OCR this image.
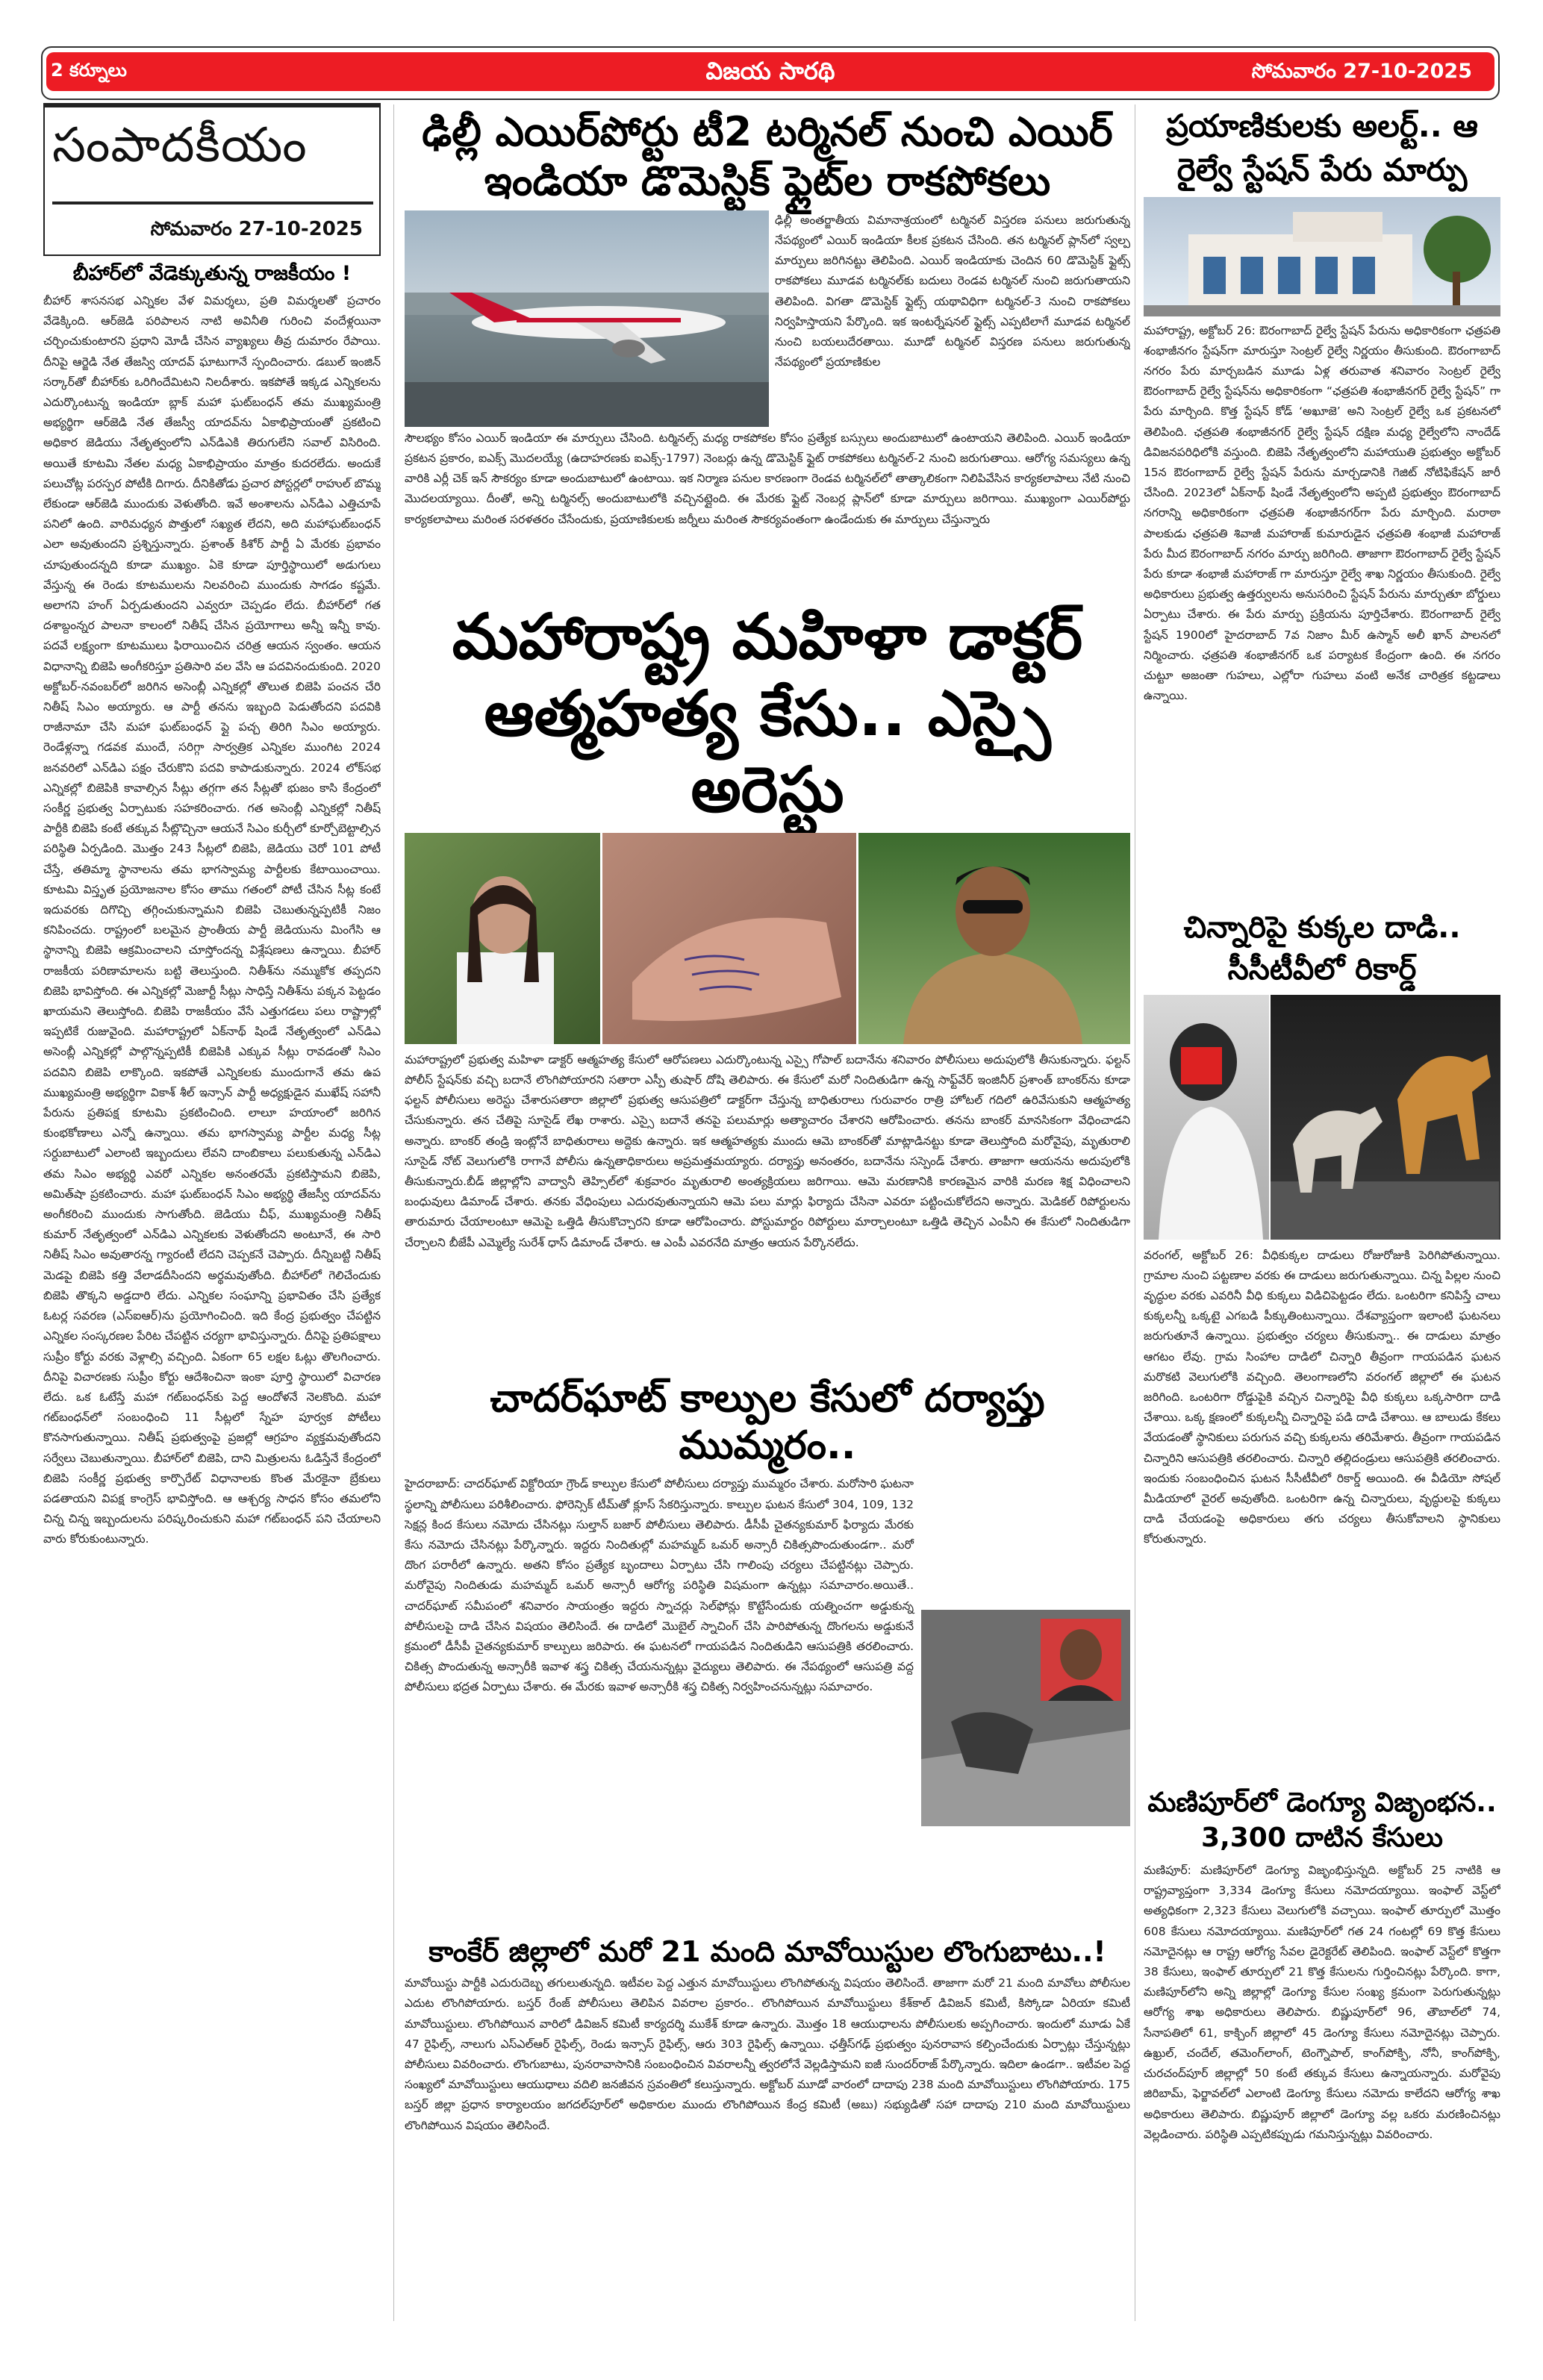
2 కర్నూలు	విజయ సారథి	సోమవారం 27-10-2025
సంపాదకీయం
సోమవారం 27-10-2025
బీహార్‌లో వేడెక్కుతున్న రాజకీయం !

బీహార్ శాసనసభ ఎన్నికల వేళ విమర్శలు, ప్రతి విమర్శలతో ప్రచారం వేడెక్కింది. ఆర్‌జెడి పరిపాలన నాటి అవినీతి గురించి వందేళ్లయినా చర్చించుకుంటారని ప్రధాని మోడీ చేసిన వ్యాఖ్యలు తీవ్ర దుమారం రేపాయి. దీనిపై ఆర్జెడి నేత తేజస్వి యాదవ్ ఘాటుగానే స్పందించారు. డబుల్ ఇంజిన్ సర్కార్‌తో బీహార్‌కు ఒరిగిందేమిటని నిలదీశారు. ఇకపోతే ఇక్కడ ఎన్నికలను ఎదుర్కొంటున్న ఇండియా బ్లాక్ మహా ఘట్‌బంధన్ తమ ముఖ్యమంత్రి అభ్యర్థిగా ఆర్‌జెడి నేత తేజస్వీ యాదవ్‌ను ఏకాభిప్రాయంతో ప్రకటించి అధికార జెడియు నేతృత్వంలోని ఎన్‌డిఎకి తిరుగులేని సవాల్ విసిరింది. అయితే కూటమి నేతల మధ్య ఏకాభిప్రాయం మాత్రం కుదరలేదు. అందుకే పలుచోట్ల పరస్పర పోటీకి దిగారు. దీనికితోడు ప్రచార పోస్టర్లలో రాహుల్ బొమ్మ లేకుండా ఆర్‌జెడి ముందుకు వెళుతోంది. ఇవే అంశాలను ఎన్‌డిఎ ఎత్తిచూపే పనిలో ఉంది. వారిమధ్యన పొత్తులో సఖ్యత లేదని, అది మహాఘట్‌బంధన్ ఎలా అవుతుందని ప్రశ్నిస్తున్నారు. ప్రశాంత్ కిశోర్ పార్టీ ఏ మేరకు ప్రభావం చూపుతుందన్నది కూడా ముఖ్యం. ఏకె కూడా పూర్తిస్థాయిలో అడుగులు వేస్తున్న ఈ రెండు కూటములను నిలవరించి ముందుకు సాగడం కష్టమే. అలాగని హంగ్ ఏర్పడుతుందని ఎవ్వరూ చెప్పడం లేదు. బీహార్‌లో గత దశాబ్దంన్నర పాలనా కాలంలో నితీష్ చేసిన ప్రయోగాలు అన్నీ ఇన్నీ కావు. పదవే లక్ష్యంగా కూటములు ఫిరాయించిన చరిత్ర ఆయన స్వంతం. ఆయన విధానాన్ని బిజెపి అంగీకరిస్తూ ప్రతిసారి వల వేసి ఆ పదవినందుకుంది. 2020 అక్టోబర్‌-నవంబర్‌లో జరిగిన అసెంబ్లీ ఎన్నికల్లో తొలుత బిజెపి పంచన చేరి నితీష్ సిఎం అయ్యారు. ఆ పార్టీ తనను ఇబ్బంది పెడుతోందని పదవికి రాజీనామా చేసి మహా ఘట్‌బంధన్ ప్లై పచ్చ తిరిగి సిఎం అయ్యారు. రెండేళ్లన్నా గడవక ముందే, సరిగ్గా సార్వత్రిక ఎన్నికల ముంగిట 2024 జనవరిలో ఎన్‌డిఎ పక్షం చేరుకొని పదవి కాపాడుకున్నారు. 2024 లోక్‌సభ ఎన్నికల్లో బిజెపికి కావాల్సిన సీట్లు తగ్గగా తన సీట్లతో భుజం కాసి కేంద్రంలో సంకీర్ణ ప్రభుత్వ ఏర్పాటుకు సహకరించారు. గత అసెంబ్లీ ఎన్నికల్లో నితీష్ పార్టీకి బిజెపి కంటే తక్కువ సీట్లొచ్చినా ఆయనే సిఎం కుర్చీలో కూర్చోబెట్టాల్సిన పరిస్థితి ఏర్పడింది. మొత్తం 243 సీట్లలో బిజెపి, జెడియు చెరో 101 పోటీ చేస్తే, తతిమ్మా స్థానాలను తమ భాగస్వామ్య పార్టీలకు కేటాయించాయి. కూటమి విస్తృత ప్రయోజనాల కోసం తాము గతంలో పోటీ చేసిన సీట్ల కంటే ఇదువరకు దిగొచ్చి తగ్గించుకున్నామని బిజెపి చెబుతున్నప్పటికీ నిజం కనిపించదు. రాష్ట్రంలో బలమైన ప్రాంతీయ పార్టీ జెడియును మింగేసి ఆ స్థానాన్ని బిజెపి ఆక్రమించాలని చూస్తోందన్న విశ్లేషణలు ఉన్నాయి. బీహార్ రాజకీయ పరిణామాలను బట్టి తెలుస్తుంది. నితీశ్‌ను నమ్ముకోక తప్పదని బిజెపి భావిస్తోంది. ఈ ఎన్నికల్లో మెజార్టీ సీట్లు సాధిస్తే నితీశ్‌ను పక్కన పెట్టడం ఖాయమని తెలుస్తోంది. బిజెపి రాజకీయం వేసే ఎత్తుగడలు పలు రాష్ట్రాల్లో ఇప్పటికే రుజువైంది. మహారాష్ట్రలో ఏక్‌నాథ్ షిండే నేతృత్వంలో ఎన్‌డిఎ అసెంబ్లీ ఎన్నికల్లో పాల్గొన్నప్పటికీ బిజెపికి ఎక్కువ సీట్లు రావడంతో సిఎం పదవిని బిజెపి లాక్కొంది. ఇకపోతే ఎన్నికలకు ముందుగానే తమ ఉప ముఖ్యమంత్రి అభ్యర్థిగా వికాశ్ శీల్ ఇన్సాన్ పార్టీ అధ్యక్షుడైన ముఖేష్ సహానీ పేరును ప్రతిపక్ష కూటమి ప్రకటించింది. లాలూ హయాంలో జరిగిన కుంభకోణాలు ఎన్నో ఉన్నాయి. తమ భాగస్వామ్య పార్టీల మధ్య సీట్ల సర్దుబాటులో ఎలాంటి ఇబ్బందులు లేవని దాంబికాలు పలుకుతున్న ఎన్‌డిఎ తమ సిఎం అభ్యర్థి ఎవరో ఎన్నికల అనంతరమే ప్రకటిస్తామని బిజెపి, అమిత్‌షా ప్రకటించారు. మహా ఘట్‌బంధన్‌ సిఎం అభ్యర్థి తేజస్వీ యాదవ్‌ను అంగీకరించి ముందుకు సాగుతోంది. జెడియు చీఫ్, ముఖ్యమంత్రి నితీష్ కుమార్ నేతృత్వంలో ఎన్‌డిఎ ఎన్నికలకు వెళుతోందని అంటూనే, ఈ సారి నితీష్ సిఎం అవుతారన్న గ్యారంటీ లేదని చెప్పకనే చెప్పారు. దీన్నిబట్టి నితీష్ మెడపై బిజెపి కత్తి వేలాడదీసిందని అర్థమవుతోంది. బీహార్‌లో గెలిచేందుకు బిజెపి తొక్కని అడ్డదారి లేదు. ఎన్నికల సంఘాన్ని ప్రభావితం చేసి ప్రత్యేక ఓటర్ల సవరణ (ఎస్ఐఆర్)ను ప్రయోగించింది. ఇది కేంద్ర ప్రభుత్వం చేపట్టిన ఎన్నికల సంస్కరణల పేరిట చేపట్టిన చర్యగా భావిస్తున్నారు. దీనిపై ప్రతిపక్షాలు సుప్రీం కోర్టు వరకు వెళ్లాల్సి వచ్చింది. ఏకంగా 65 లక్షల ఓట్లు తొలగించారు. దీనిపై విచారణకు సుప్రీం కోర్టు ఆదేశించినా ఇంకా పూర్తి స్థాయిలో విచారణ లేదు. ఒక ఓటేస్తే మహా గట్‌బంధన్‌కు పెద్ద ఆందోళనే నెలకొంది. మహా గట్‌బంధన్‌లో సంబంధించి 11 సీట్లలో స్నేహ పూర్వక పోటీలు కొనసాగుతున్నాయి. నితీష్ ప్రభుత్వంపై ప్రజల్లో ఆగ్రహం వ్యక్తమవుతోందని సర్వేలు చెబుతున్నాయి. బీహార్‌లో బిజెపి, దాని మిత్రులను ఓడిస్తేనే కేంద్రంలో బిజెపి సంకీర్ణ ప్రభుత్వ కార్పొరేట్ విధానాలకు కొంత మేరకైనా బ్రేకులు పడతాయని విపక్ష కాంగ్రెస్ భావిస్తోంది. ఆ ఆశ్చర్య సాధన కోసం తమలోని చిన్న చిన్న ఇబ్బందులను పరిష్కరించుకుని మహా గట్‌బంధన్ పని చేయాలని వారు కోరుకుంటున్నారు.

ఢిల్లీ ఎయిర్‌పోర్టు టీ2 టర్మినల్ నుంచి ఎయిర్
ఇండియా డొమెస్టిక్ ఫ్లైట్‌ల రాకపోకలు

ఢిల్లీ అంతర్జాతీయ విమానాశ్రయంలో టర్మినల్ విస్తరణ పనులు జరుగుతున్న నేపథ్యంలో ఎయిర్ ఇండియా కీలక ప్రకటన చేసింది. తన టర్మినల్ ప్లాన్‌లో స్వల్ప మార్పులు జరిగినట్టు తెలిపింది. ఎయిర్ ఇండియాకు చెందిన 60 డొమెస్టిక్ ఫ్లైట్స్ రాకపోకలు మూడవ టర్మినల్‌కు బదులు రెండవ టర్మినల్ నుంచి జరుగుతాయని తెలిపింది. విగతా డొమెస్టిక్ ఫ్లైట్స్ యథావిధిగా టర్మినల్-3 నుంచి రాకపోకలు నిర్వహిస్తాయని పేర్కొంది. ఇక ఇంటర్నేషనల్ ఫ్లైట్స్ ఎప్పటిలాగే మూడవ టర్మినల్ నుంచి బయలుదేరతాయి. మూడో టర్మినల్ విస్తరణ పనులు జరుగుతున్న నేపథ్యంలో ప్రయాణికుల

సౌలభ్యం కోసం ఎయిర్ ఇండియా ఈ మార్పులు చేసింది. టర్మినల్స్ మధ్య రాకపోకల కోసం ప్రత్యేక బస్సులు అందుబాటులో ఉంటాయని తెలిపింది. ఎయిర్ ఇండియా ప్రకటన ప్రకారం, ఐఎక్స్ మొదలయ్యే (ఉదాహరణకు ఐఎక్స్-1797) నెంబర్లు ఉన్న డొమెస్టిక్ ఫ్లైట్ రాకపోకలు టర్మినల్-2 నుంచి జరుగుతాయి. ఆరోగ్య సమస్యలు ఉన్న వారికి ఎర్లీ చెక్ ఇన్ సౌకర్యం కూడా అందుబాటులో ఉంటాయి. ఇక నిర్మాణ పనుల కారణంగా రెండవ టర్మినల్‌లో తాత్కాలికంగా నిలిపివేసిన కార్యకలాపాలు నేటి నుంచి మొదలయ్యాయి. దీంతో, అన్ని టర్మినల్స్ అందుబాటులోకి వచ్చినట్లైంది. ఈ మేరకు ఫ్లైట్ నెంబర్ల ప్లాన్‌లో కూడా మార్పులు జరిగాయి. ముఖ్యంగా ఎయిర్‌పోర్టు కార్యకలాపాలు మరింత సరళతరం చేసేందుకు, ప్రయాణికులకు జర్నీలు మరింత సౌకర్యవంతంగా ఉండేందుకు ఈ మార్పులు చేస్తున్నారు

మహారాష్ట్ర మహిళా డాక్టర్
ఆత్మహత్య కేసు.. ఎస్సై అరెస్టు

మహారాష్ట్రలో ప్రభుత్వ మహిళా డాక్టర్ ఆత్మహత్య కేసులో ఆరోపణలు ఎదుర్కొంటున్న ఎస్సై గోపాల్ బదానేను శనివారం పోలీసులు అదుపులోకి తీసుకున్నారు. ఫల్టన్ పోలీస్ స్టేషన్‌కు వచ్చి బదానే లొంగిపోయారని సతారా ఎస్పీ తుషార్ దోషి తెలిపారు. ఈ కేసులో మరో నిందితుడిగా ఉన్న సాఫ్ట్‌వేర్ ఇంజినీర్ ప్రశాంత్ బాంకర్‌ను కూడా ఫల్టన్ పోలీసులు అరెస్టు చేశారుసతారా జిల్లాలో ప్రభుత్వ ఆసుపత్రిలో డాక్టర్‌గా చేస్తున్న బాధితురాలు గురువారం రాత్రి హోటల్ గదిలో ఉరివేసుకుని ఆత్మహత్య చేసుకున్నారు. తన చేతిపై సూసైడ్ లేఖ రాశారు. ఎస్సై బదానే తనపై పలుమార్లు అత్యాచారం చేశారని ఆరోపించారు. తనను బాంకర్ మానసికంగా వేధించాడని అన్నారు. బాంకర్ తండ్రి ఇంట్లోనే బాధితురాలు అద్దెకు ఉన్నారు. ఇక ఆత్మహత్యకు ముందు ఆమె బాంకర్‌తో మాట్లాడినట్టు కూడా తెలుస్తోంది మరోవైపు, మృతురాలి సూసైడ్ నోట్ వెలుగులోకి రాగానే పోలీసు ఉన్నతాధికారులు అప్రమత్తమయ్యారు. దర్యాప్తు అనంతరం, బదానేను సస్పెండ్ చేశారు. తాజాగా ఆయనను అదుపులోకి తీసుకున్నారు.బీడ్ జిల్లాల్లోని వాద్వానీ తెహ్సిల్‌లో శుక్రవారం మృతురాలి అంత్యక్రియలు జరిగాయి. ఆమె మరణానికి కారణమైన వారికి మరణ శిక్ష విధించాలని బంధువులు డిమాండ్ చేశారు. తనకు వేధింపులు ఎదురవుతున్నాయని ఆమె పలు మార్లు ఫిర్యాదు చేసినా ఎవరూ పట్టించుకోలేదని అన్నారు. మెడికల్ రిపోర్టులను తారుమారు చేయాలంటూ ఆమెపై ఒత్తిడి తీసుకొచ్చారని కూడా ఆరోపించారు. పోస్టుమార్టం రిపోర్టులు మార్చాలంటూ ఒత్తిడి తెచ్చిన ఎంపీని ఈ కేసులో నిందితుడిగా చేర్చాలని బీజేపీ ఎమ్మెల్యే సురేశ్ ధాస్ డిమాండ్ చేశారు. ఆ ఎంపీ ఎవరనేది మాత్రం ఆయన పేర్కొనలేదు.

చాదర్‌ఘాట్ కాల్పుల కేసులో దర్యాప్తు ముమ్మరం..

హైదరాబాద్: చాదర్‌ఘాట్ విక్టోరియా గ్రౌండ్ కాల్పుల కేసులో పోలీసులు దర్యాప్తు ముమ్మరం చేశారు. మరోసారి ఘటనా స్థలాన్ని పోలీసులు పరిశీలించారు. ఫోరెన్సిక్ టీమ్‌తో క్లూస్ సేకరిస్తున్నారు. కాల్పుల ఘటన కేసులో 304, 109, 132 సెక్షన్ల కింద కేసులు నమోదు చేసినట్లు సుల్తాన్ బజార్ పోలీసులు తెలిపారు. డీసీపీ చైతన్యకుమార్ ఫిర్యాదు మేరకు కేసు నమోదు చేసినట్లు పేర్కొన్నారు. ఇద్దరు నిందితుల్లో మహమ్మద్ ఒమర్ అన్సారీ చికిత్సపొందుతుండగా.. మరో దొంగ పరారీలో ఉన్నారు. అతని కోసం ప్రత్యేక బృందాలు ఏర్పాటు చేసి గాలింపు చర్యలు చేపట్టినట్లు చెప్పారు. మరోవైపు నిందితుడు మహమ్మద్ ఒమర్ అన్సారీ ఆరోగ్య పరిస్థితి విషమంగా ఉన్నట్లు సమాచారం.అయితే.. చాదర్‌ఘాట్ సమీపంలో శనివారం సాయంత్రం ఇద్దరు స్నాచర్లు సెల్‌ఫోన్లు కొట్టేసేందుకు యత్నించగా అడ్డుకున్న పోలీసులపై దాడి చేసిన విషయం తెలిసిందే. ఈ దాడిలో మొబైల్ స్నాచింగ్ చేసి పారిపోతున్న దొంగలను అడ్డుకునే క్రమంలో డీసీపీ చైతన్యకుమార్ కాల్పులు జరిపారు. ఈ ఘటనలో గాయపడిన నిందితుడిని ఆసుపత్రికి తరలించారు. చికిత్స పొందుతున్న అన్సారీకి ఇవాళ శస్త్ర చికిత్స చేయనున్నట్లు వైద్యులు తెలిపారు. ఈ నేపథ్యంలో ఆసుపత్రి వద్ద పోలీసులు భద్రత ఏర్పాటు చేశారు. ఈ మేరకు ఇవాళ అన్సారీకి శస్త్ర చికిత్స నిర్వహించనున్నట్లు సమాచారం.

కాంకేర్ జిల్లాలో మరో 21 మంది మావోయిస్టుల లొంగుబాటు..!

మావోయిస్టు పార్టీకి ఎదురుదెబ్బ తగులుతున్నది. ఇటీవల పెద్ద ఎత్తున మావోయిస్టులు లొంగిపోతున్న విషయం తెలిసిందే. తాజాగా మరో 21 మంది మావోలు పోలీసుల ఎదుట లొంగిపోయారు. బస్తర్ రేంజ్ పోలీసులు తెలిపిన వివరాల ప్రకారం.. లొంగిపోయిన మావోయిస్టులు కేశ్‌కాల్ డివిజన్ కమిటీ, కిస్కోడా ఏరియా కమిటీ మావోయిస్టులు. లొంగిపోయిన వారిలో డివిజన్ కమిటీ కార్యదర్శి ముకేశ్ కూడా ఉన్నారు. మొత్తం 18 ఆయుధాలను పోలీసులకు అప్పగించారు. ఇందులో మూడు ఏకే 47 రైఫిల్స్, నాలుగు ఎస్‌ఎల్ఆర్ రైఫిల్స్, రెండు ఇన్సాస్ రైఫిల్స్, ఆరు 303 రైఫిల్స్ ఉన్నాయి. ఛత్తీస్‌గఢ్ ప్రభుత్వం పునరావాస కల్పించేందుకు ఏర్పాట్లు చేస్తున్నట్లు పోలీసులు వివరించారు. లొంగుబాటు, పునరావాసానికి సంబంధించిన వివరాలన్నీ త్వరలోనే వెల్లడిస్తామని ఐజీ సుందర్‌రాజ్ పేర్కొన్నారు. ఇదిలా ఉండగా.. ఇటీవల పెద్ద సంఖ్యలో మావోయిస్టులు ఆయుధాలు వదిలి జనజీవన స్రవంతిలో కలుస్తున్నారు. అక్టోబర్ మూడో వారంలో దాదాపు 238 మంది మావోయిస్టులు లొంగిపోయారు. 175 బస్తర్ జిల్లా ప్రధాన కార్యాలయం జగదల్‌పూర్‌లో అధికారుల ముందు లొంగిపోయిన కేంద్ర కమిటీ (అబు) సభ్యుడితో సహా దాదాపు 210 మంది మావోయిస్టులు లొంగిపోయిన విషయం తెలిసిందే.

ప్రయాణికులకు అలర్ట్.. ఆ
రైల్వే స్టేషన్ పేరు మార్పు

మహారాష్ట్ర, అక్టోబర్ 26: ఔరంగాబాద్ రైల్వే స్టేషన్ పేరును అధికారికంగా ఛత్రపతి శంభాజీనగం స్టేషన్‌గా మారుస్తూ సెంట్రల్ రైల్వే నిర్ణయం తీసుకుంది. ఔరంగాబాద్ నగరం పేరు మార్చబడిన మూడు ఏళ్ల తరువాత శనివారం సెంట్రల్ రైల్వే ఔరంగాబాద్ రైల్వే స్టేషన్‌ను అధికారికంగా “ఛత్రపతి శంభాజీనగర్ రైల్వే స్టేషన్” గా పేరు మార్చింది. కొత్త స్టేషన్ కోడ్ ‘అఖూజె’ అని సెంట్రల్ రైల్వే ఒక ప్రకటనలో తెలిపింది. ఛత్రపతి శంభాజీనగర్ రైల్వే స్టేషన్ దక్షిణ మధ్య రైల్వేలోని నాందేడ్ డివిజనపరిధిలోకి వస్తుంది. బిజెపి నేతృత్వంలోని మహాయుతి ప్రభుత్వం అక్టోబర్ 15న ఔరంగాబాద్ రైల్వే స్టేషన్ పేరును మార్చడానికి గెజిట్ నోటిఫికేషన్ జారీ చేసింది. 2023లో ఏక్‌నాథ్ షిండే నేతృత్వంలోని అప్పటి ప్రభుత్వం ఔరంగాబాద్ నగరాన్ని అధికారికంగా ఛత్రపతి శంభాజీనగర్‌గా పేరు మార్చింది. మరాఠా పాలకుడు ఛత్రపతి శివాజీ మహారాజ్ కుమారుడైన ఛత్రపతి శంభాజీ మహారాజ్ పేరు మీద ఔరంగాబాద్ నగరం మార్పు జరిగింది. తాజాగా ఔరంగాబాద్ రైల్వే స్టేషన్ పేరు కూడా శంభాజీ మహారాజ్ గా మారుస్తూ రైల్వే శాఖ నిర్ణయం తీసుకుంది. రైల్వే అధికారులు ప్రభుత్వ ఉత్తర్వులను అనుసరించి స్టేషన్ పేరును మార్చుతూ బోర్డులు ఏర్పాటు చేశారు. ఈ పేరు మార్పు ప్రక్రియను పూర్తిచేశారు. ఔరంగాబాద్ రైల్వే స్టేషన్ 1900లో హైదరాబాద్ 7వ నిజాం మీర్ ఉస్మాన్ అలీ ఖాన్ పాలనలో నిర్మించారు. ఛత్రపతి శంభాజీనగర్ ఒక పర్యాటక కేంద్రంగా ఉంది. ఈ నగరం చుట్టూ అజంతా గుహలు, ఎల్లోరా గుహలు వంటి అనేక చారిత్రక కట్టడాలు ఉన్నాయి.

చిన్నారిపై కుక్కల దాడి..
సీసీటీవీలో రికార్డ్

వరంగల్, అక్టోబర్ 26: వీధికుక్కల దాడులు రోజురోజుకి పెరిగిపోతున్నాయి. గ్రామాల నుంచి పట్టణాల వరకు ఈ దాడులు జరుగుతున్నాయి. చిన్న పిల్లల నుంచి వృద్ధుల వరకు ఎవరినీ వీధి కుక్కలు విడిచిపెట్టడం లేదు. ఒంటరిగా కనిపిస్తే చాలు కుక్కలన్నీ ఒక్కటై ఎగబడి పీక్కుతింటున్నాయి. దేశవ్యాప్తంగా ఇలాంటి ఘటనలు జరుగుతూనే ఉన్నాయి. ప్రభుత్వం చర్యలు తీసుకున్నా.. ఈ దాడులు మాత్రం ఆగటం లేవు. గ్రామ సింహాల దాడిలో చిన్నారి తీవ్రంగా గాయపడిన ఘటన మరొకటి వెలుగులోకి వచ్చింది. తెలంగాణలోని వరంగల్ జిల్లాలో ఈ ఘటన జరిగింది. ఒంటరిగా రోడ్డుపైకి వచ్చిన చిన్నారిపై వీధి కుక్కలు ఒక్కసారిగా దాడి చేశాయి. ఒక్క క్షణంలో కుక్కలన్నీ చిన్నారిపై పడి దాడి చేశాయి. ఆ బాలుడు కేకలు వేయడంతో స్థానికులు పరుగున వచ్చి కుక్కలను తరిమేశారు. తీవ్రంగా గాయపడిన చిన్నారిని ఆసుపత్రికి తరలించారు. చిన్నారి తల్లిదండ్రులు ఆసుపత్రికి తరలించారు. ఇందుకు సంబంధించిన ఘటన సీసీటీవీలో రికార్డ్ అయింది. ఈ వీడియో సోషల్ మీడియాలో వైరల్ అవుతోంది. ఒంటరిగా ఉన్న చిన్నారులు, వృద్ధులపై కుక్కలు దాడి చేయడంపై అధికారులు తగు చర్యలు తీసుకోవాలని స్థానికులు కోరుతున్నారు.

మణిపూర్‌లో డెంగ్యూ విజృంభన..
3,300 దాటిన కేసులు

మణిపూర్: మణిపూర్‌లో డెంగ్యూ విజృంభిస్తున్నది. అక్టోబర్ 25 నాటికి ఆ రాష్ట్రవ్యాప్తంగా 3,334 డెంగ్యూ కేసులు నమోదయ్యాయి. ఇంఫాల్ వెస్ట్‌లో అత్యధికంగా 2,323 కేసులు వెలుగులోకి వచ్చాయి. ఇంఫాల్ తూర్పులో మొత్తం 608 కేసులు నమోదయ్యాయి. మణిపూర్‌లో గత 24 గంటల్లో 69 కొత్త కేసులు నమోదైనట్లు ఆ రాష్ట్ర ఆరోగ్య సేవల డైరెక్టరేట్ తెలిపింది. ఇంఫాల్ వెస్ట్‌లో కొత్తగా 38 కేసులు, ఇంఫాల్ తూర్పులో 21 కొత్త కేసులను గుర్తించినట్లు పేర్కొంది. కాగా, మణిపూర్‌లోని అన్ని జిల్లాల్లో డెంగ్యూ కేసుల సంఖ్య క్రమంగా పెరుగుతున్నట్లు ఆరోగ్య శాఖ అధికారులు తెలిపారు. బిష్ణుపూర్‌లో 96, తౌబాల్‌లో 74, సేనాపతిలో 61, కాక్చింగ్ జిల్లాలో 45 డెంగ్యూ కేసులు నమోదైనట్లు చెప్పారు. ఉఖ్రుల్, చందేల్, తమెంగ్‌లాంగ్, టెంగ్నౌపాల్, కాంగ్‌పోక్పి, నోనీ, కాంగ్‌పోక్పి, చురచంద్‌పూర్ జిల్లాల్లో 50 కంటే తక్కువ కేసులు ఉన్నాయన్నారు. మరోవైపు జిరిబామ్, ఫెర్జావల్‌లో ఎలాంటి డెంగ్యూ కేసులు నమోదు కాలేదని ఆరోగ్య శాఖ అధికారులు తెలిపారు. బిష్ణుపూర్ జిల్లాలో డెంగ్యూ వల్ల ఒకరు మరణించినట్లు వెల్లడించారు. పరిస్థితి ఎప్పటికప్పుడు గమనిస్తున్నట్లు వివరించారు.
